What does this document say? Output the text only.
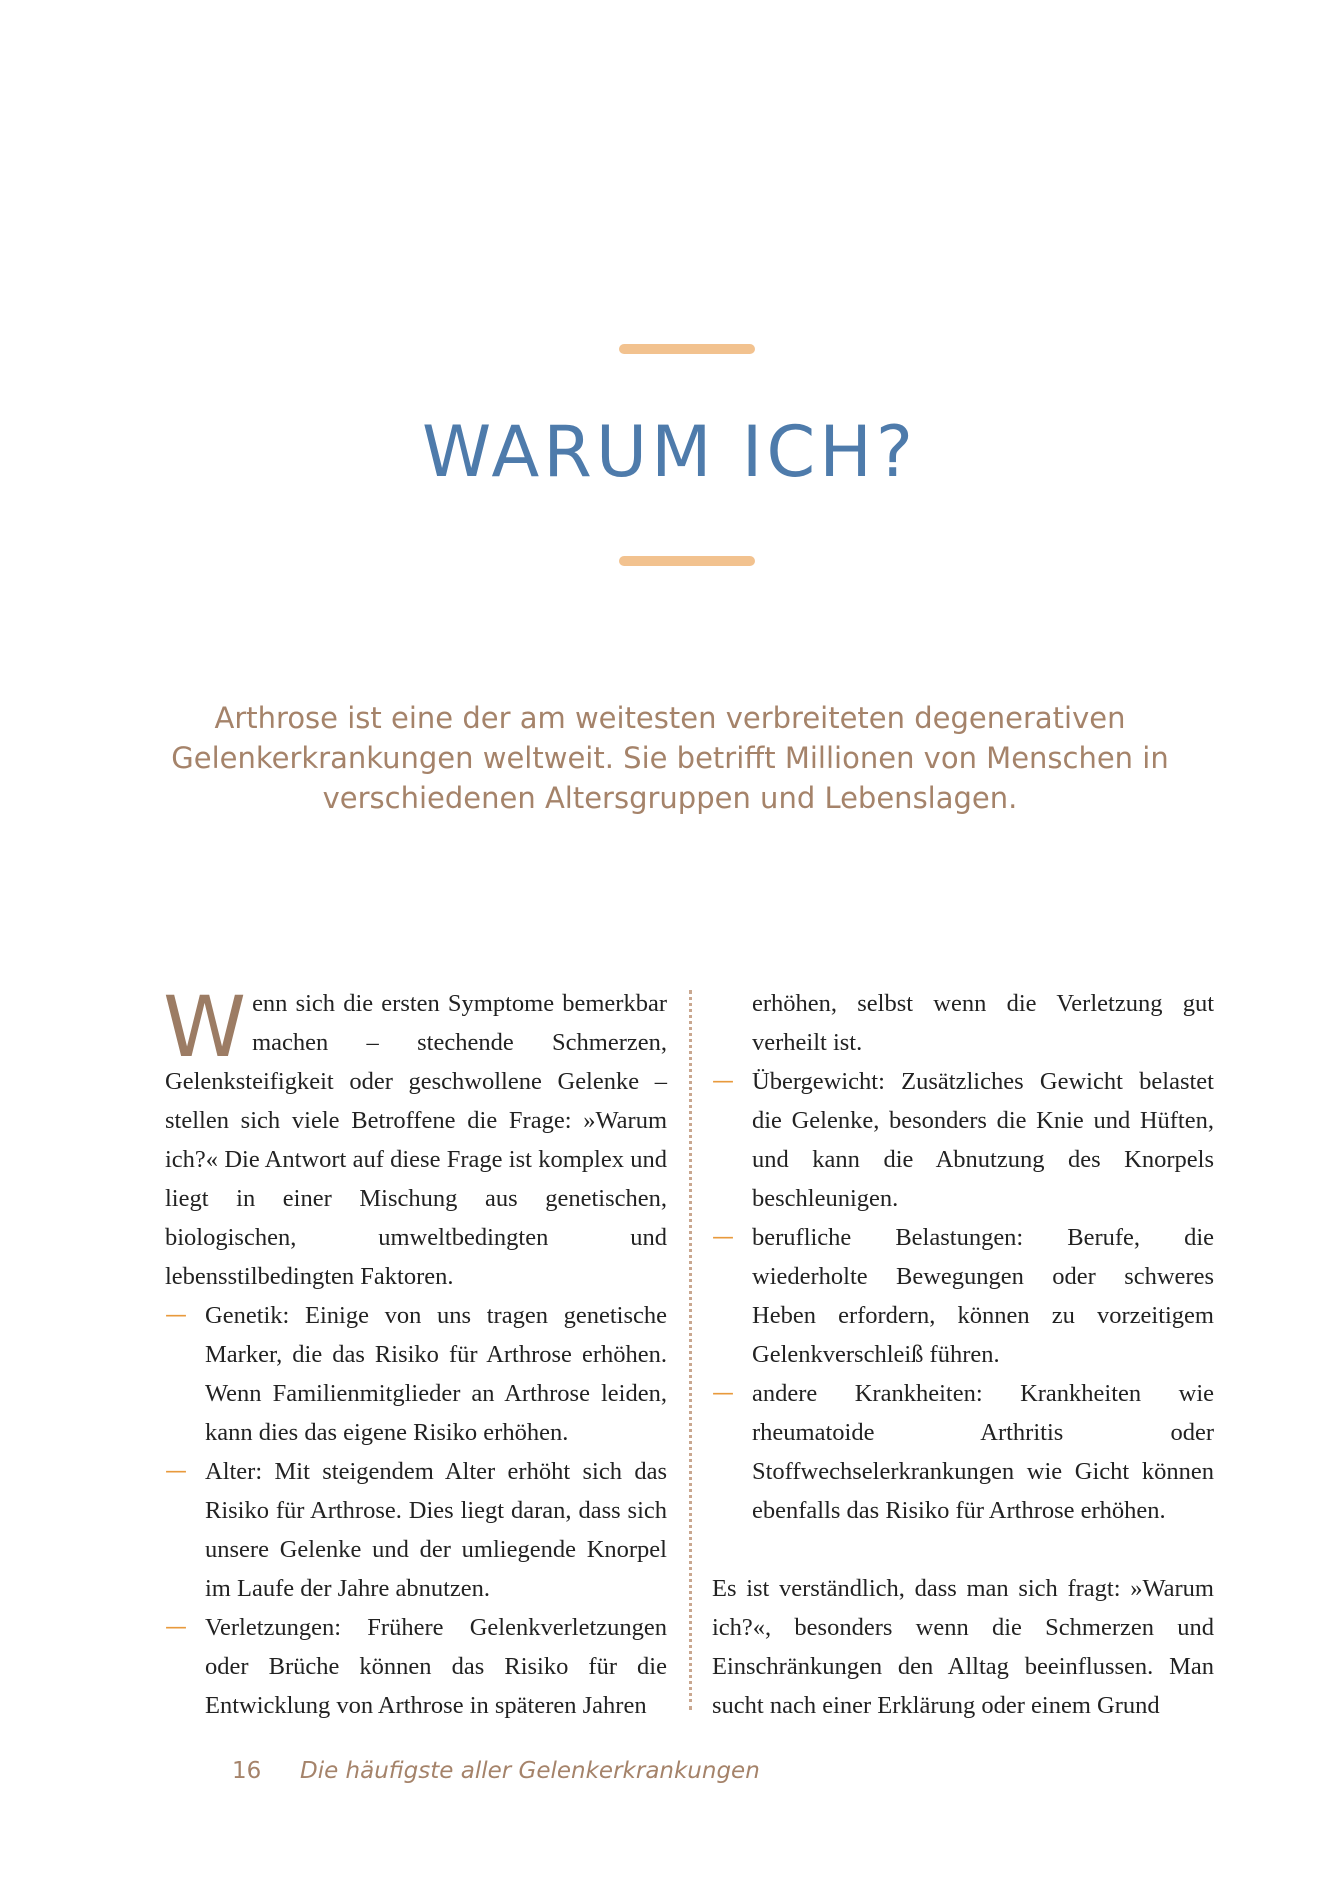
WARUM ICH?

Arthrose ist eine der am weitesten verbreiteten degenerativen Gelenkerkrankungen weltweit. Sie betrifft Millionen von Menschen in verschiedenen Altersgruppen und Lebenslagen.

Wenn sich die ersten Symptome bemerkbar machen – stechende Schmerzen, Gelenksteifigkeit oder geschwollene Gelenke – stellen sich viele Betroffene die Frage: »Warum ich?« Die Antwort auf diese Frage ist komplex und liegt in einer Mischung aus genetischen, biologischen, umweltbedingten und lebensstilbedingten Faktoren.

— Genetik: Einige von uns tragen genetische Marker, die das Risiko für Arthrose erhöhen. Wenn Familienmitglieder an Arthrose leiden, kann dies das eigene Risiko erhöhen.
— Alter: Mit steigendem Alter erhöht sich das Risiko für Arthrose. Dies liegt daran, dass sich unsere Gelenke und der umliegende Knorpel im Laufe der Jahre abnutzen.
— Verletzungen: Frühere Gelenkverletzungen oder Brüche können das Risiko für die Entwicklung von Arthrose in späteren Jahren

erhöhen, selbst wenn die Verletzung gut verheilt ist.

— Übergewicht: Zusätzliches Gewicht belastet die Gelenke, besonders die Knie und Hüften, und kann die Abnutzung des Knorpels beschleunigen.
— berufliche Belastungen: Berufe, die wiederholte Bewegungen oder schweres Heben erfordern, können zu vorzeitigem Gelenkverschleiß führen.
— andere Krankheiten: Krankheiten wie rheumatoide Arthritis oder Stoffwechselerkrankungen wie Gicht können ebenfalls das Risiko für Arthrose erhöhen.

Es ist verständlich, dass man sich fragt: »Warum ich?«, besonders wenn die Schmerzen und Einschränkungen den Alltag beeinflussen. Man sucht nach einer Erklärung oder einem Grund

16 Die häufigste aller Gelenkerkrankungen
